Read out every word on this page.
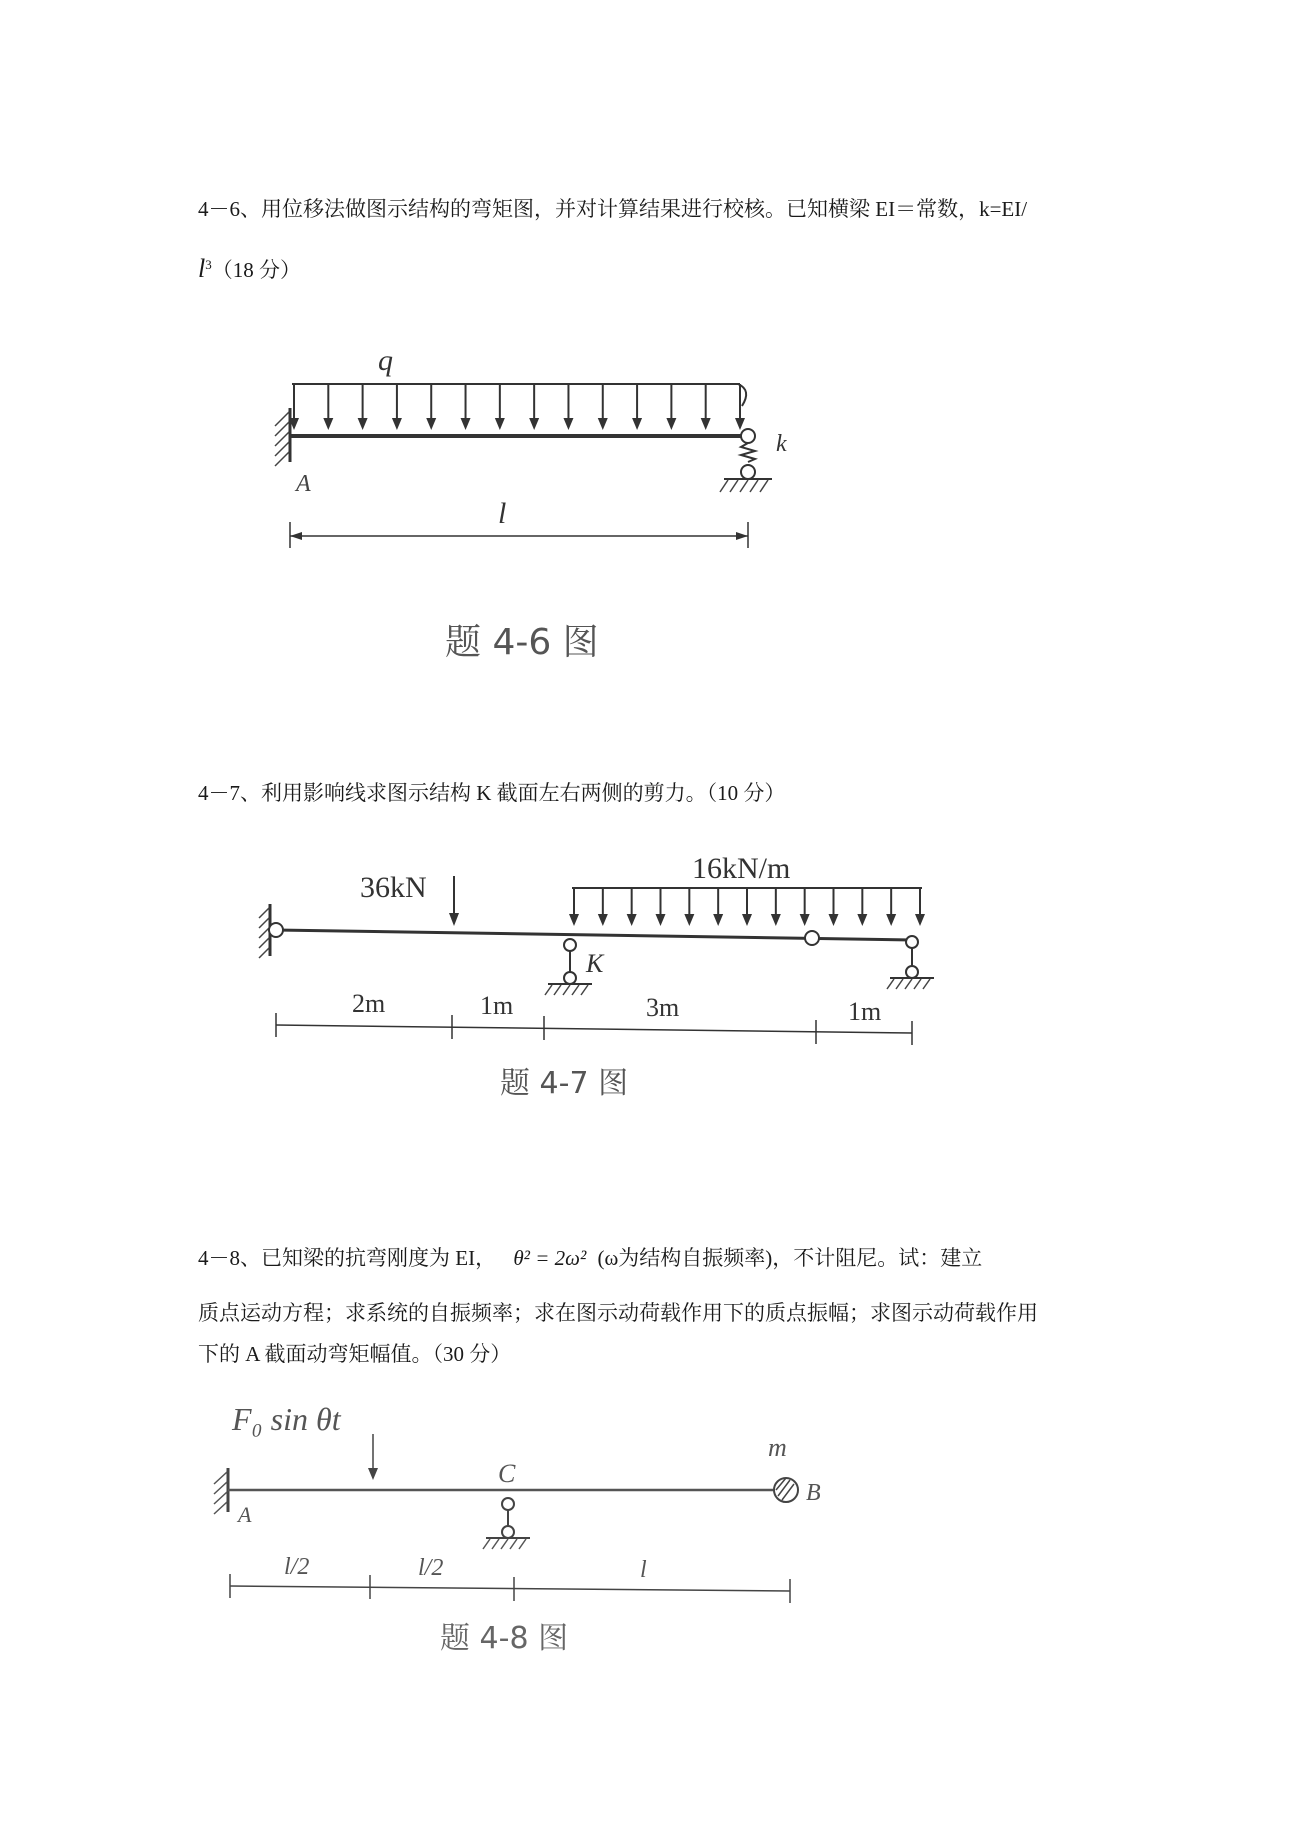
4－6、用位移法做图示结构的弯矩图，并对计算结果进行校核。已知横梁 EI＝常数，k=EI/

$l^3(18$ 分）

q
A
k
l
题 4-6 图

4－7、利用影响线求图示结构 K 截面左右两侧的剪力。（10 分）

36kN
16kN/m
K
2m	1m	3m	1m
题 4-7 图

4－8、已知梁的抗弯刚度为 EI， θ² = 2ω² (ω为结构自振频率)，不计阻尼。试：建立

质点运动方程；求系统的自振频率；求在图示动荷载作用下的质点振幅；求图示动荷载作用

下的 A 截面动弯矩幅值。（30 分）

F₀ sin θt
C
m
A
B
l/2	l/2	l
题 4-8 图
